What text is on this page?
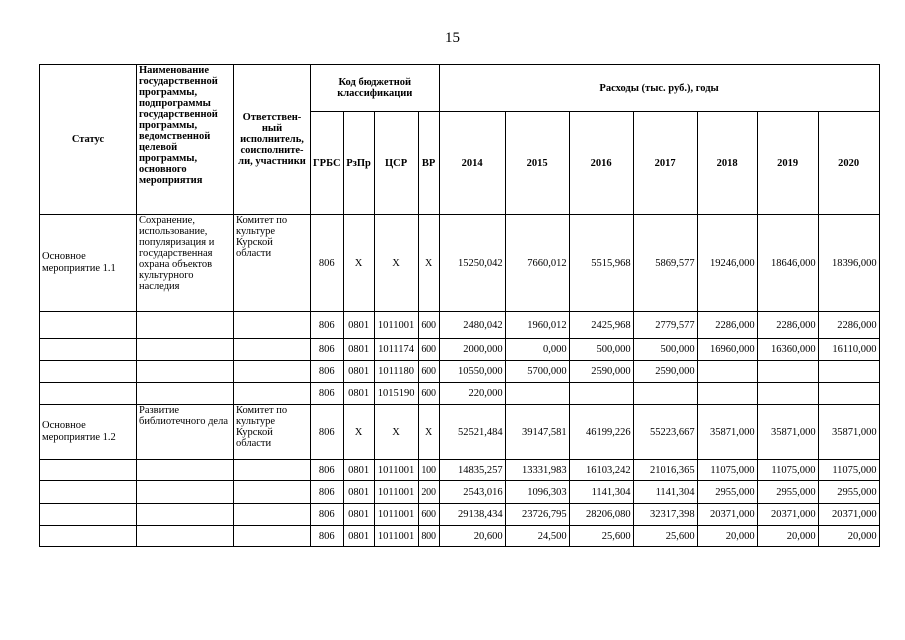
15
Статус	Наименование государственной программы, подпрограммы государственной программы, ведомственной целевой программы, основного мероприятия	Ответствен-ный исполнитель, соисполните-ли, участники	Код бюджетной классификации				Расходы (тыс. руб.), годы						
			ГРБС	РзПр	ЦСР	ВР	2014	2015	2016	2017	2018	2019	2020
Основное мероприятие 1.1	Сохранение, использование, популяризация и государственная охрана объектов культурного наследия	Комитет по культуре Курской области	806	Х	Х	Х	15250,042	7660,012	5515,968	5869,577	19246,000	18646,000	18396,000
			806	0801	1011001	600	2480,042	1960,012	2425,968	2779,577	2286,000	2286,000	2286,000
			806	0801	1011174	600	2000,000	0,000	500,000	500,000	16960,000	16360,000	16110,000
			806	0801	1011180	600	10550,000	5700,000	2590,000	2590,000			
			806	0801	1015190	600	220,000						
Основное мероприятие 1.2	Развитие библиотечного дела	Комитет по культуре Курской области	806	Х	Х	Х	52521,484	39147,581	46199,226	55223,667	35871,000	35871,000	35871,000
			806	0801	1011001	100	14835,257	13331,983	16103,242	21016,365	11075,000	11075,000	11075,000
			806	0801	1011001	200	2543,016	1096,303	1141,304	1141,304	2955,000	2955,000	2955,000
			806	0801	1011001	600	29138,434	23726,795	28206,080	32317,398	20371,000	20371,000	20371,000
			806	0801	1011001	800	20,600	24,500	25,600	25,600	20,000	20,000	20,000
